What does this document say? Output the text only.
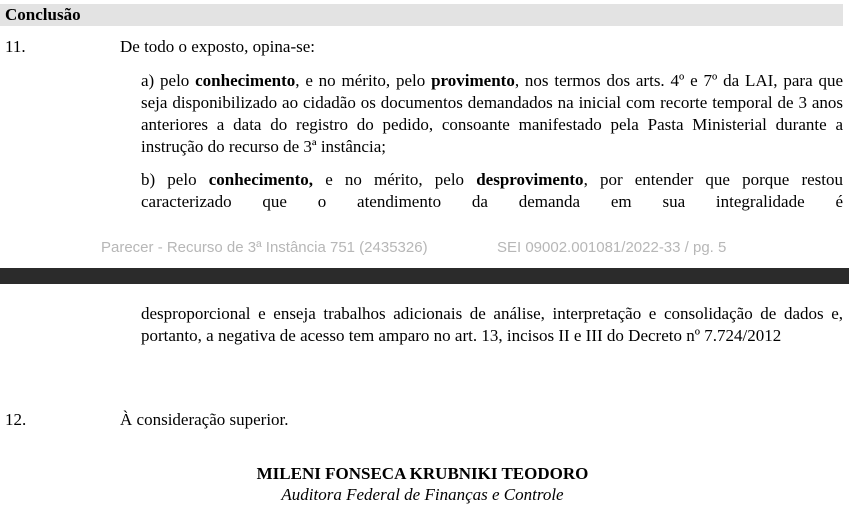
Conclusão
11.	De todo o exposto, opina-se:
a) pelo conhecimento, e no mérito, pelo provimento, nos termos dos arts. 4º e 7º da LAI, para que seja disponibilizado ao cidadão os documentos demandados na inicial com recorte temporal de 3 anos anteriores a data do registro do pedido, consoante manifestado pela Pasta Ministerial durante a instrução do recurso de 3ª instância;
b) pelo conhecimento, e no mérito, pelo desprovimento, por entender que porque restou caracterizado que o atendimento da demanda em sua integralidade é
Parecer - Recurso de 3ª Instância 751 (2435326)	SEI 09002.001081/2022-33 / pg. 5
desproporcional e enseja trabalhos adicionais de análise, interpretação e consolidação de dados e, portanto, a negativa de acesso tem amparo no art. 13, incisos II e III do Decreto nº 7.724/2012
12.	À consideração superior.
MILENI FONSECA KRUBNIKI TEODORO
Auditora Federal de Finanças e Controle
